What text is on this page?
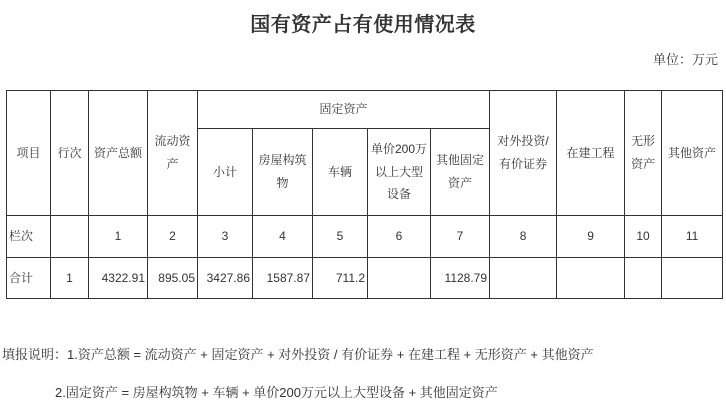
国有资产占有使用情况表
单位：万元
项目	行次	资产总额	流动资产	固定资产					对外投资/有价证券	在建工程	无形资产	其他资产
				小计	房屋构筑物	车辆	单价200万以上大型设备	其他固定资产				
栏次		1	2	3	4	5	6	7	8	9	10	11
合计	1	4322.91	895.05	3427.86	1587.87	711.2		1128.79				
填报说明：1.资产总额 = 流动资产 + 固定资产 + 对外投资 / 有价证券 + 在建工程 + 无形资产 + 其他资产
2.固定资产 = 房屋构筑物 + 车辆 + 单价200万元以上大型设备 + 其他固定资产
